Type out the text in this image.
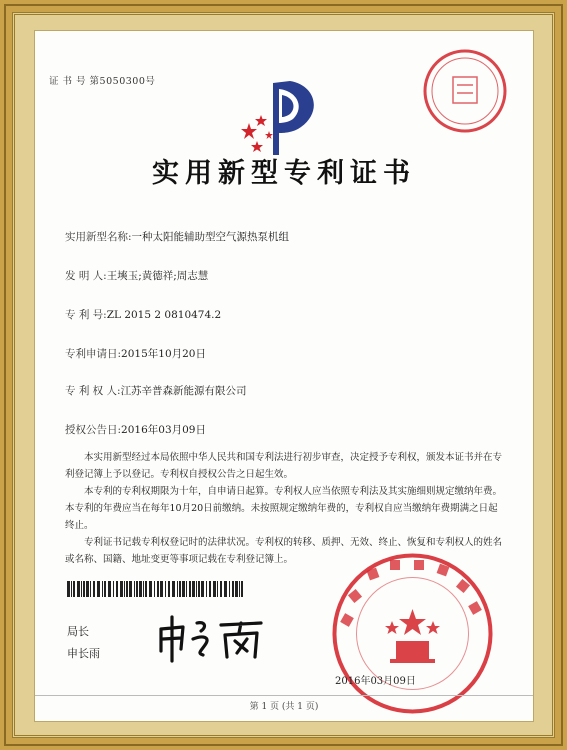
证 书 号 第5050300号
实用新型专利证书
实用新型名称:一种太阳能辅助型空气源热泵机组
发 明 人:王塽玉;黄德祥;周志慧
专 利 号:ZL 2015 2 0810474.2
专利申请日:2015年10月20日
专 利 权 人:江苏辛普森新能源有限公司
授权公告日:2016年03月09日
本实用新型经过本局依照中华人民共和国专利法进行初步审查，决定授予专利权，颁发本证书并在专利登记簿上予以登记。专利权自授权公告之日起生效。
本专利的专利权期限为十年，自申请日起算。专利权人应当依照专利法及其实施细则规定缴纳年费。本专利的年费应当在每年10月20日前缴纳。未按照规定缴纳年费的，专利权自应当缴纳年费期满之日起终止。
专利证书记载专利权登记时的法律状况。专利权的转移、质押、无效、终止、恢复和专利权人的姓名或名称、国籍、地址变更等事项记载在专利登记簿上。
局长
申长雨
2016年03月09日
第 1 页 (共 1 页)
